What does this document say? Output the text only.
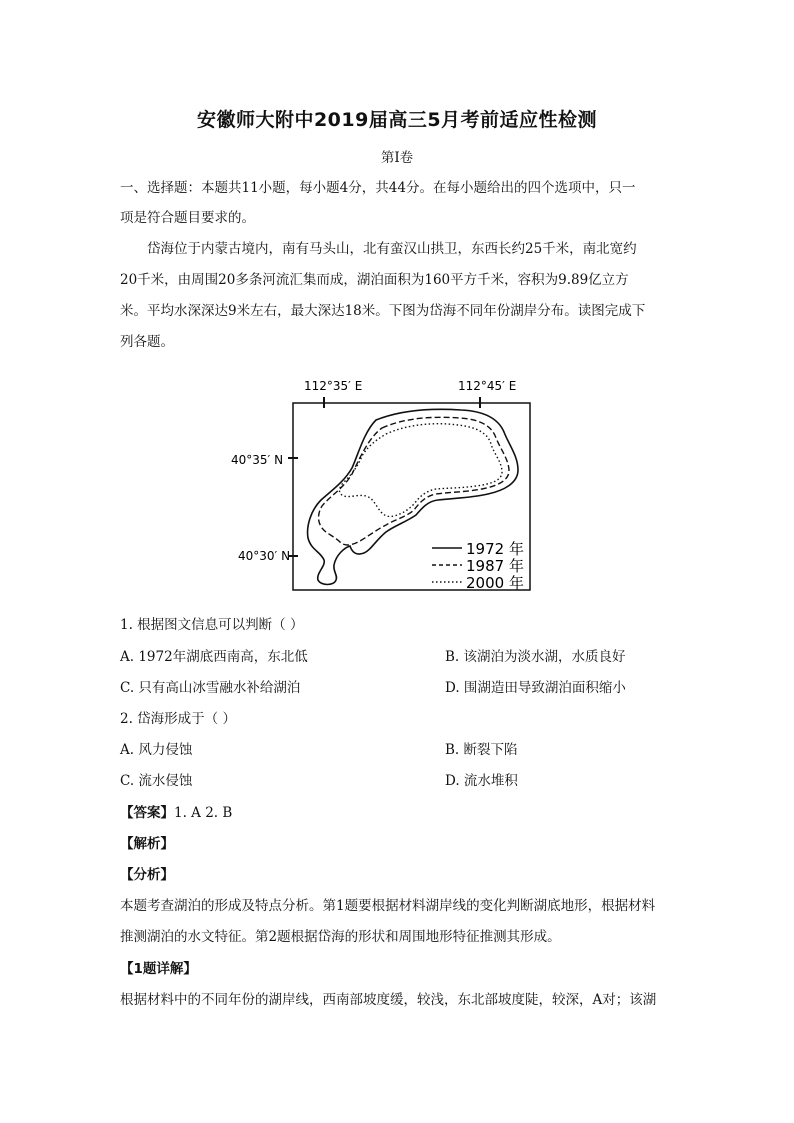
安徽师大附中2019届高三5月考前适应性检测
第Ⅰ卷
一、选择题：本题共11小题，每小题4分，共44分。在每小题给出的四个选项中，只一
项是符合题目要求的。
岱海位于内蒙古境内，南有马头山，北有蛮汉山拱卫，东西长约25千米，南北宽约
20千米，由周围20多条河流汇集而成，湖泊面积为160平方千米，容积为9.89亿立方
米。平均水深深达9米左右，最大深达18米。下图为岱海不同年份湖岸分布。读图完成下
列各题。
112°35′ E	112°45′ E
40°35′ N
40°30′ N	1972 年
1987 年
2000 年
1. 根据图文信息可以判断（ ）
A. 1972年湖底西南高，东北低	B. 该湖泊为淡水湖，水质良好
C. 只有高山冰雪融水补给湖泊	D. 围湖造田导致湖泊面积缩小
2. 岱海形成于（ ）
A. 风力侵蚀	B. 断裂下陷
C. 流水侵蚀	D. 流水堆积
【答案】1. A 2. B
【解析】
【分析】
本题考查湖泊的形成及特点分析。第1题要根据材料湖岸线的变化判断湖底地形，根据材料
推测湖泊的水文特征。第2题根据岱海的形状和周围地形特征推测其形成。
【1题详解】
根据材料中的不同年份的湖岸线，西南部坡度缓，较浅，东北部坡度陡，较深，A对；该湖
